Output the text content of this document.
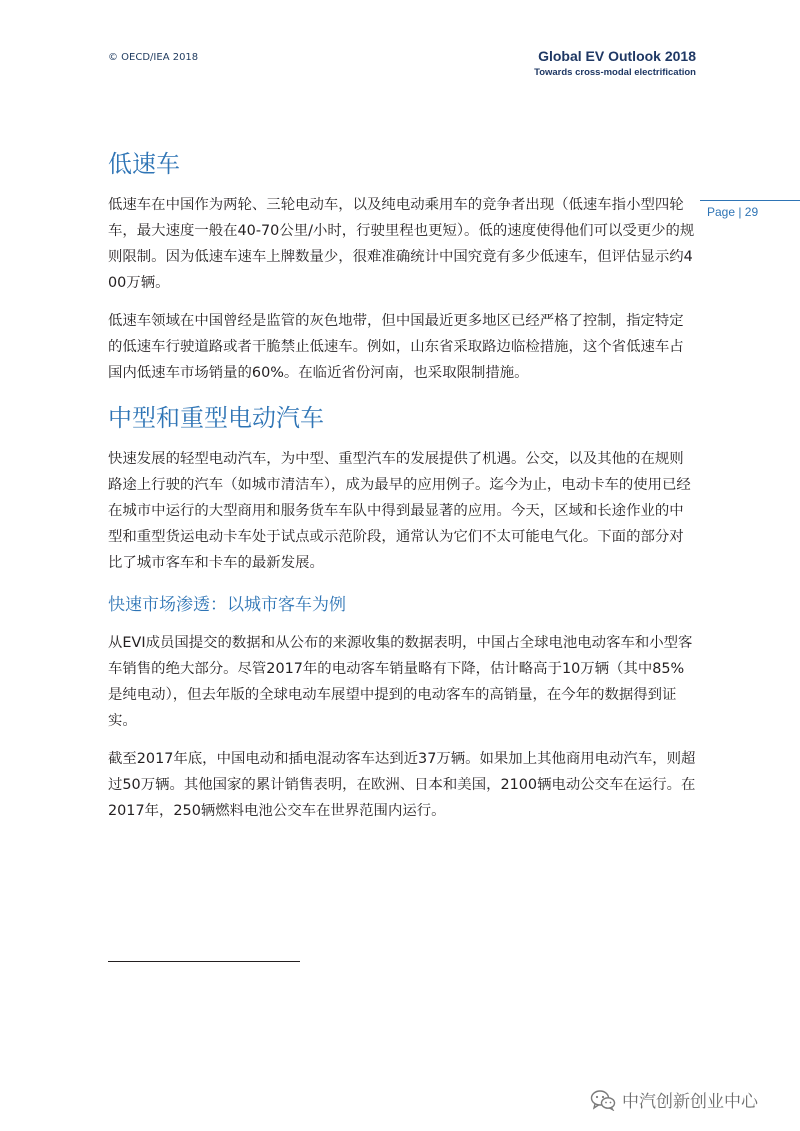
© OECD/IEA 2018	Global EV Outlook 2018
Towards cross-modal electrification
Page | 29
低速车

低速车在中国作为两轮、三轮电动车，以及纯电动乘用车的竞争者出现（低速车指小型四轮车，最大速度一般在40-70公里/小时，行驶里程也更短）。低的速度使得他们可以受更少的规则限制。因为低速车速车上牌数量少，很难准确统计中国究竟有多少低速车，但评估显示约400万辆。

低速车领域在中国曾经是监管的灰色地带，但中国最近更多地区已经严格了控制，指定特定的低速车行驶道路或者干脆禁止低速车。例如，山东省采取路边临检措施，这个省低速车占国内低速车市场销量的60%。在临近省份河南，也采取限制措施。

中型和重型电动汽车

快速发展的轻型电动汽车，为中型、重型汽车的发展提供了机遇。公交，以及其他的在规则路途上行驶的汽车（如城市清洁车），成为最早的应用例子。迄今为止，电动卡车的使用已经在城市中运行的大型商用和服务货车车队中得到最显著的应用。今天，区域和长途作业的中型和重型货运电动卡车处于试点或示范阶段，通常认为它们不太可能电气化。下面的部分对比了城市客车和卡车的最新发展。

快速市场渗透：以城市客车为例

从EVI成员国提交的数据和从公布的来源收集的数据表明，中国占全球电池电动客车和小型客车销售的绝大部分。尽管2017年的电动客车销量略有下降，估计略高于10万辆（其中85%是纯电动），但去年版的全球电动车展望中提到的电动客车的高销量，在今年的数据得到证实。

截至2017年底，中国电动和插电混动客车达到近37万辆。如果加上其他商用电动汽车，则超过50万辆。其他国家的累计销售表明，在欧洲、日本和美国，2100辆电动公交车在运行。在2017年，250辆燃料电池公交车在世界范围内运行。

中汽创新创业中心
